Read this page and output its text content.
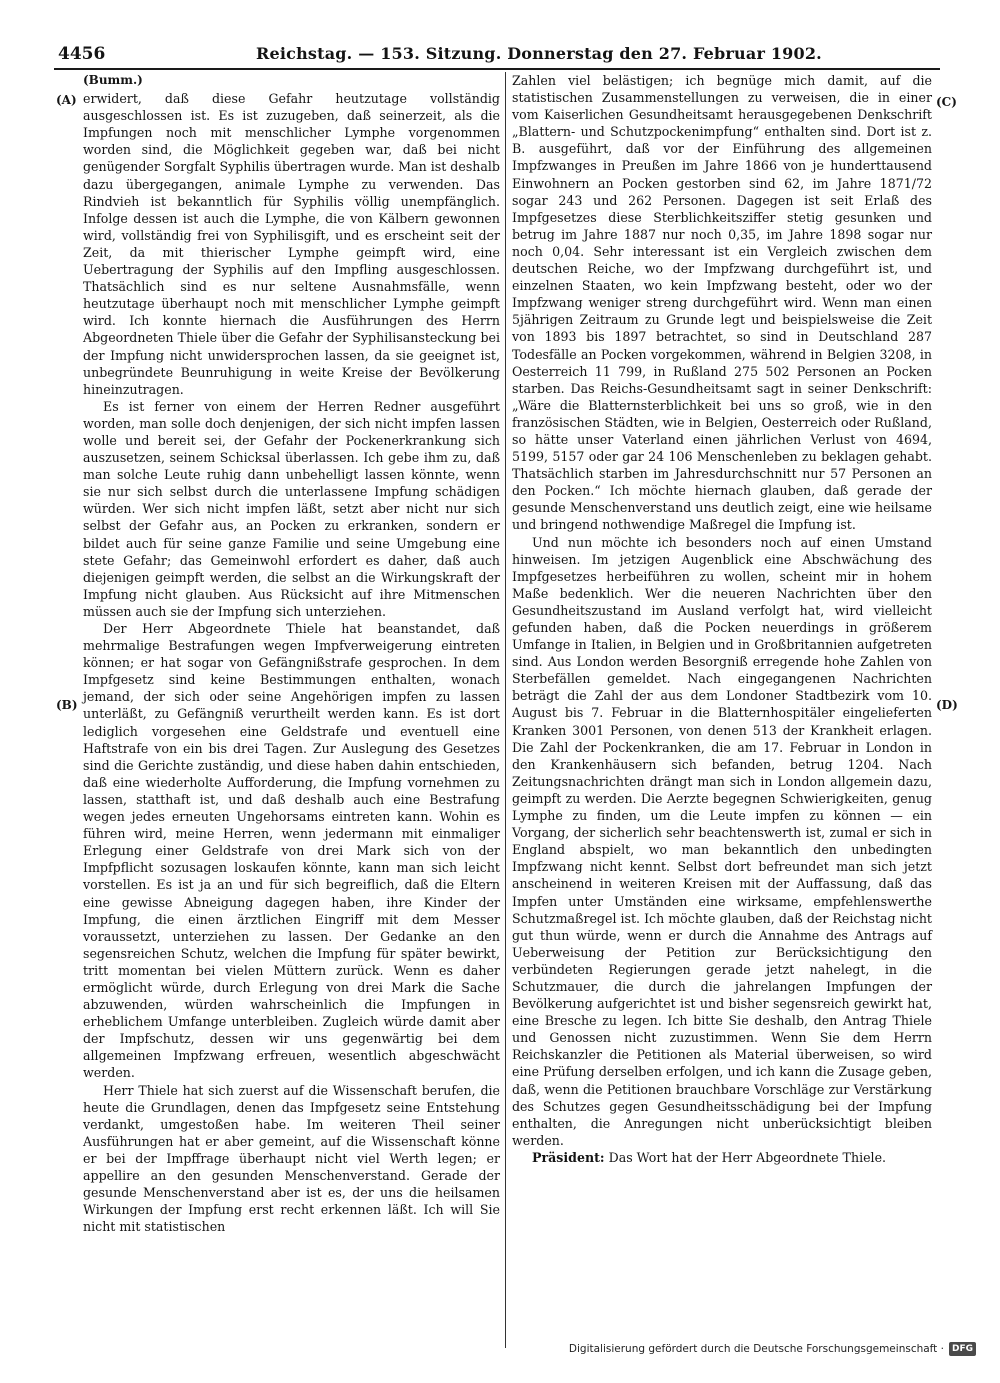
4456	Reichstag. — 153. Sitzung. Donnerstag den 27. Februar 1902.
(A)
(B)
(C)
(D)
(Bumm.)

erwidert, daß diese Gefahr heutzutage vollständig ausgeschlossen ist. Es ist zuzugeben, daß seinerzeit, als die Impfungen noch mit menschlicher Lymphe vorgenommen worden sind, die Möglichkeit gegeben war, daß bei nicht genügender Sorgfalt Syphilis übertragen wurde. Man ist deshalb dazu übergegangen, animale Lymphe zu verwenden. Das Rindvieh ist bekanntlich für Syphilis völlig unempfänglich. Infolge dessen ist auch die Lymphe, die von Kälbern gewonnen wird, vollständig frei von Syphilisgift, und es erscheint seit der Zeit, da mit thierischer Lymphe geimpft wird, eine Uebertragung der Syphilis auf den Impfling ausgeschlossen. Thatsächlich sind es nur seltene Ausnahmsfälle, wenn heutzutage überhaupt noch mit menschlicher Lymphe geimpft wird. Ich konnte hiernach die Ausführungen des Herrn Abgeordneten Thiele über die Gefahr der Syphilisansteckung bei der Impfung nicht unwidersprochen lassen, da sie geeignet ist, unbegründete Beunruhigung in weite Kreise der Bevölkerung hineinzutragen.

Es ist ferner von einem der Herren Redner ausgeführt worden, man solle doch denjenigen, der sich nicht impfen lassen wolle und bereit sei, der Gefahr der Pockenerkrankung sich auszusetzen, seinem Schicksal überlassen. Ich gebe ihm zu, daß man solche Leute ruhig dann unbehelligt lassen könnte, wenn sie nur sich selbst durch die unterlassene Impfung schädigen würden. Wer sich nicht impfen läßt, setzt aber nicht nur sich selbst der Gefahr aus, an Pocken zu erkranken, sondern er bildet auch für seine ganze Familie und seine Umgebung eine stete Gefahr; das Gemeinwohl erfordert es daher, daß auch diejenigen geimpft werden, die selbst an die Wirkungskraft der Impfung nicht glauben. Aus Rücksicht auf ihre Mitmenschen müssen auch sie der Impfung sich unterziehen.

Der Herr Abgeordnete Thiele hat beanstandet, daß mehrmalige Bestrafungen wegen Impfverweigerung eintreten können; er hat sogar von Gefängnißstrafe gesprochen. In dem Impfgesetz sind keine Bestimmungen enthalten, wonach jemand, der sich oder seine Angehörigen impfen zu lassen unterläßt, zu Gefängniß verurtheilt werden kann. Es ist dort lediglich vorgesehen eine Geldstrafe und eventuell eine Haftstrafe von ein bis drei Tagen. Zur Auslegung des Gesetzes sind die Gerichte zuständig, und diese haben dahin entschieden, daß eine wiederholte Aufforderung, die Impfung vornehmen zu lassen, statthaft ist, und daß deshalb auch eine Bestrafung wegen jedes erneuten Ungehorsams eintreten kann. Wohin es führen wird, meine Herren, wenn jedermann mit einmaliger Erlegung einer Geldstrafe von drei Mark sich von der Impfpflicht sozusagen loskaufen könnte, kann man sich leicht vorstellen. Es ist ja an und für sich begreiflich, daß die Eltern eine gewisse Abneigung dagegen haben, ihre Kinder der Impfung, die einen ärztlichen Eingriff mit dem Messer voraussetzt, unterziehen zu lassen. Der Gedanke an den segensreichen Schutz, welchen die Impfung für später bewirkt, tritt momentan bei vielen Müttern zurück. Wenn es daher ermöglicht würde, durch Erlegung von drei Mark die Sache abzuwenden, würden wahrscheinlich die Impfungen in erheblichem Umfange unterbleiben. Zugleich würde damit aber der Impfschutz, dessen wir uns gegenwärtig bei dem allgemeinen Impfzwang erfreuen, wesentlich abgeschwächt werden.

Herr Thiele hat sich zuerst auf die Wissenschaft berufen, die heute die Grundlagen, denen das Impfgesetz seine Entstehung verdankt, umgestoßen habe. Im weiteren Theil seiner Ausführungen hat er aber gemeint, auf die Wissenschaft könne er bei der Impffrage überhaupt nicht viel Werth legen; er appellire an den gesunden Menschenverstand. Gerade der gesunde Menschenverstand aber ist es, der uns die heilsamen Wirkungen der Impfung erst recht erkennen läßt. Ich will Sie nicht mit statistischen

Zahlen viel belästigen; ich begnüge mich damit, auf die statistischen Zusammenstellungen zu verweisen, die in einer vom Kaiserlichen Gesundheitsamt herausgegebenen Denkschrift „Blattern- und Schutzpockenimpfung“ enthalten sind. Dort ist z. B. ausgeführt, daß vor der Einführung des allgemeinen Impfzwanges in Preußen im Jahre 1866 von je hunderttausend Einwohnern an Pocken gestorben sind 62, im Jahre 1871/72 sogar 243 und 262 Personen. Dagegen ist seit Erlaß des Impfgesetzes diese Sterblichkeitsziffer stetig gesunken und betrug im Jahre 1887 nur noch 0,35, im Jahre 1898 sogar nur noch 0,04. Sehr interessant ist ein Vergleich zwischen dem deutschen Reiche, wo der Impfzwang durchgeführt ist, und einzelnen Staaten, wo kein Impfzwang besteht, oder wo der Impfzwang weniger streng durchgeführt wird. Wenn man einen 5jährigen Zeitraum zu Grunde legt und beispielsweise die Zeit von 1893 bis 1897 betrachtet, so sind in Deutschland 287 Todesfälle an Pocken vorgekommen, während in Belgien 3208, in Oesterreich 11 799, in Rußland 275 502 Personen an Pocken starben. Das Reichs-Gesundheitsamt sagt in seiner Denkschrift: „Wäre die Blatternsterblichkeit bei uns so groß, wie in den französischen Städten, wie in Belgien, Oesterreich oder Rußland, so hätte unser Vaterland einen jährlichen Verlust von 4694, 5199, 5157 oder gar 24 106 Menschenleben zu beklagen gehabt. Thatsächlich starben im Jahresdurchschnitt nur 57 Personen an den Pocken.“ Ich möchte hiernach glauben, daß gerade der gesunde Menschenverstand uns deutlich zeigt, eine wie heilsame und bringend nothwendige Maßregel die Impfung ist.

Und nun möchte ich besonders noch auf einen Umstand hinweisen. Im jetzigen Augenblick eine Abschwächung des Impfgesetzes herbeiführen zu wollen, scheint mir in hohem Maße bedenklich. Wer die neueren Nachrichten über den Gesundheitszustand im Ausland verfolgt hat, wird vielleicht gefunden haben, daß die Pocken neuerdings in größerem Umfange in Italien, in Belgien und in Großbritannien aufgetreten sind. Aus London werden Besorgniß erregende hohe Zahlen von Sterbefällen gemeldet. Nach eingegangenen Nachrichten beträgt die Zahl der aus dem Londoner Stadtbezirk vom 10. August bis 7. Februar in die Blatternhospitäler eingelieferten Kranken 3001 Personen, von denen 513 der Krankheit erlagen. Die Zahl der Pockenkranken, die am 17. Februar in London in den Krankenhäusern sich befanden, betrug 1204. Nach Zeitungsnachrichten drängt man sich in London allgemein dazu, geimpft zu werden. Die Aerzte begegnen Schwierigkeiten, genug Lymphe zu finden, um die Leute impfen zu können — ein Vorgang, der sicherlich sehr beachtenswerth ist, zumal er sich in England abspielt, wo man bekanntlich den unbedingten Impfzwang nicht kennt. Selbst dort befreundet man sich jetzt anscheinend in weiteren Kreisen mit der Auffassung, daß das Impfen unter Umständen eine wirksame, empfehlenswerthe Schutzmaßregel ist. Ich möchte glauben, daß der Reichstag nicht gut thun würde, wenn er durch die Annahme des Antrags auf Ueberweisung der Petition zur Berücksichtigung den verbündeten Regierungen gerade jetzt nahelegt, in die Schutzmauer, die durch die jahrelangen Impfungen der Bevölkerung aufgerichtet ist und bisher segensreich gewirkt hat, eine Bresche zu legen. Ich bitte Sie deshalb, den Antrag Thiele und Genossen nicht zuzustimmen. Wenn Sie dem Herrn Reichskanzler die Petitionen als Material überweisen, so wird eine Prüfung derselben erfolgen, und ich kann die Zusage geben, daß, wenn die Petitionen brauchbare Vorschläge zur Verstärkung des Schutzes gegen Gesundheitsschädigung bei der Impfung enthalten, die Anregungen nicht unberücksichtigt bleiben werden.

Präsident: Das Wort hat der Herr Abgeordnete Thiele.

Digitalisierung gefördert durch die Deutsche Forschungsgemeinschaft · DFG
